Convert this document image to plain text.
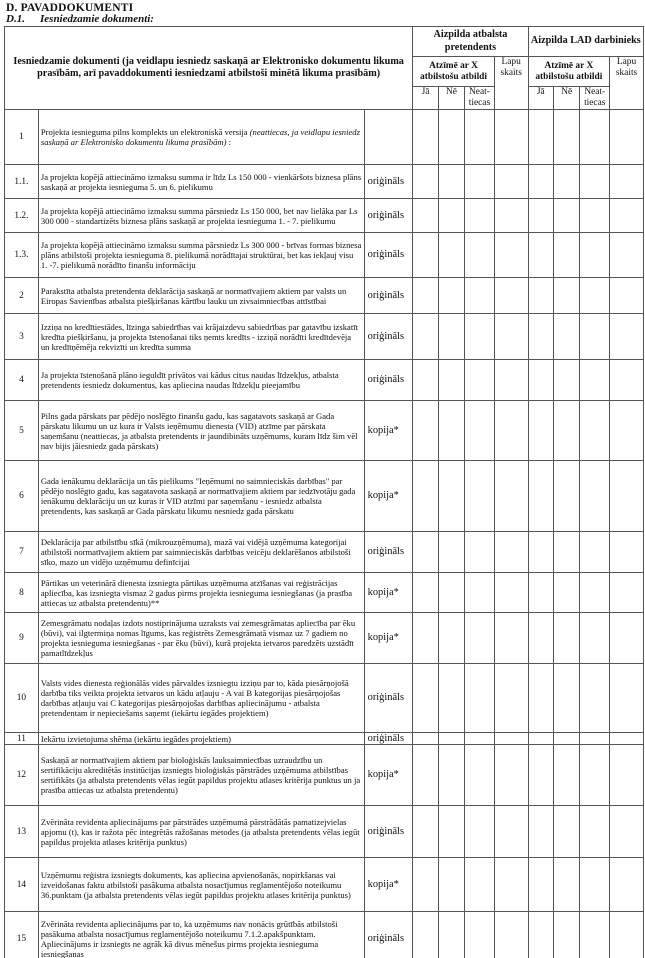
D. PAVADDOKUMENTI
D.1. Iesniedzamie dokumenti:
Iesniedzamie dokumenti (ja veidlapu iesniedz saskaņā ar Elektronisko dokumentu likuma prasībām, arī pavaddokumenti iesniedzami atbilstoši minētā likuma prasībām)			Aizpilda atbalsta pretendents				Aizpilda LAD darbinieks			
			Atzīmē ar X atbilstošu atbildi			Lapu skaits	Atzīmē ar X atbilstošu atbildi			Lapu skaits
			Jā	Nē	Neat-tiecas		Jā	Nē	Neat-tiecas	
1	Projekta iesnieguma pilns komplekts un elektroniskā versija (neattiecas, ja veidlapu iesniedz saskaņā ar Elektronisko dokumentu likuma prasībām) :									
1.1.	Ja projekta kopējā attiecināmo izmaksu summa ir līdz Ls 150 000 - vienkāršots biznesa plāns saskaņā ar projekta iesnieguma 5. un 6. pielikumu	oriģināls								
1.2.	Ja projekta kopējā attiecināmo izmaksu summa pārsniedz Ls 150 000, bet nav lielāka par Ls 300 000 - standartizēts biznesa plāns saskaņā ar projekta iesnieguma 1. - 7. pielikumu	oriģināls								
1.3.	Ja projekta kopējā attiecināmo izmaksu summa pārsniedz Ls 300 000 - brīvas formas biznesa plāns atbilstoši projekta iesnieguma 8. pielikumā norādītajai struktūrai, bet kas iekļauj visu 1. -7. pielikumā norādīto finanšu informāciju	oriģināls								
2	Parakstīta atbalsta pretendenta deklarācija saskaņā ar normatīvajiem aktiem par valsts un Eiropas Savienības atbalsta piešķiršanas kārtību lauku un zivsaimniecības attīstībai	oriģināls								
3	Izziņa no kredītiestādes, līzinga sabiedrības vai krājaizdevu sabiedrības par gatavību izskatīt kredīta piešķiršanu, ja projekta īstenošanai tiks ņemts kredīts - izziņā norādīti kredītdevēja un kredītņēmēja rekvizīti un kredīta summa	oriģināls								
4	Ja projekta īstenošanā plāno ieguldīt privātos vai kādus citus naudas līdzekļus, atbalsta pretendents iesniedz dokumentus, kas apliecina naudas līdzekļu pieejamību	oriģināls								
5	Pilns gada pārskats par pēdējo noslēgto finanšu gadu, kas sagatavots saskaņā ar Gada pārskatu likumu un uz kura ir Valsts ieņēmumu dienesta (VID) atzīme par pārskata saņemšanu (neattiecas, ja atbalsta pretendents ir jaundibināts uzņēmums, kuram līdz šim vēl nav bijis jāiesniedz gada pārskats)	kopija*								
6	Gada ienākumu deklarācija un tās pielikums "Ieņēmumi no saimnieciskās darbības" par pēdējo noslēgto gadu, kas sagatavota saskaņā ar normatīvajiem aktiem par iedzīvotāju gada ienākumu deklarāciju un uz kuras ir VID atzīmi par saņemšanu - iesniedz atbalsta pretendents, kas saskaņā ar Gada pārskatu likumu nesniedz gada pārskatu	kopija*								
7	Deklarācija par atbilstību sīkā (mikrouzņēmuma), mazā vai vidējā uzņēmuma kategorijai atbilstoši normatīvajiem aktiem par saimnieciskās darbības veicēju deklarēšanos atbilstoši sīko, mazo un vidējo uzņēmumu definīcijai	oriģināls								
8	Pārtikas un veterinārā dienesta izsniegta pārtikas uzņēmuma atzīšanas vai reģistrācijas apliecība, kas izsniegta vismaz 2 gadus pirms projekta iesnieguma iesniegšanas (ja prasība attiecas uz atbalsta pretendentu)**	kopija*								
9	Zemesgrāmatu nodaļas izdots nostiprinājuma uzraksts vai zemesgrāmatas apliecība par ēku (būvi), vai ilgtermiņa nomas līgums, kas reģistrēts Zemesgrāmatā vismaz uz 7 gadiem no projekta iesnieguma iesniegšanas - par ēku (būvi), kurā projekta ietvaros paredzēts uzstādīt pamatlīdzekļus	kopija*								
10	Valsts vides dienesta reģionālās vides pārvaldes izsniegtu izziņu par to, kāda piesārņojošā darbība tiks veikta projekta ietvaros un kādu atļauju - A vai B kategorijas piesārņojošas darbības atļauju vai C kategorijas piesārņojošas darbības apliecinājumu - atbalsta pretendentam ir nepieciešams saņemt (iekārtu iegādes projektiem)	oriģināls								
11	Iekārtu izvietojuma shēma (iekārtu iegādes projektiem)	oriģināls								
12	Saskaņā ar normatīvajiem aktiem par bioloģiskās lauksaimniecības uzraudzību un sertifikāciju akreditētās institūcijas izsniegts bioloģiskās pārstrādes uzņēmuma atbilstības sertifikāts (ja atbalsta pretendents vēlas iegūt papildus projektu atlases kritērija punktus un ja prasība attiecas uz atbalsta pretendentu)	kopija*								
13	Zvērināta revidenta apliecinājums par pārstrādes uzņēmumā pārstrādātās pamatizejvielas apjomu (t), kas ir ražota pēc integrētās ražošanas metodes (ja atbalsta pretendents vēlas iegūt papildus projekta atlases kritērija punktus)	oriģināls								
14	Uzņēmumu reģistra izsniegts dokuments, kas apliecina apvienošanās, nopirkšanas vai izveidošanas faktu atbilstoši pasākuma atbalsta nosacījumus reglamentējošo noteikumu 36.punktam (ja atbalsta pretendents vēlas iegūt papildus projektu atlases kritērija punktus)	kopija*								
15	Zvērināta revidenta apliecinājums par to, ka uzņēmums nav nonācis grūtībās atbilstoši pasākuma atbalsta nosacījumus reglamentējošo noteikumu 7.1.2.apakšpunktam. Apliecinājums ir izsniegts ne agrāk kā divus mēnešus pirms projekta iesnieguma iesniegšanas	oriģināls								
